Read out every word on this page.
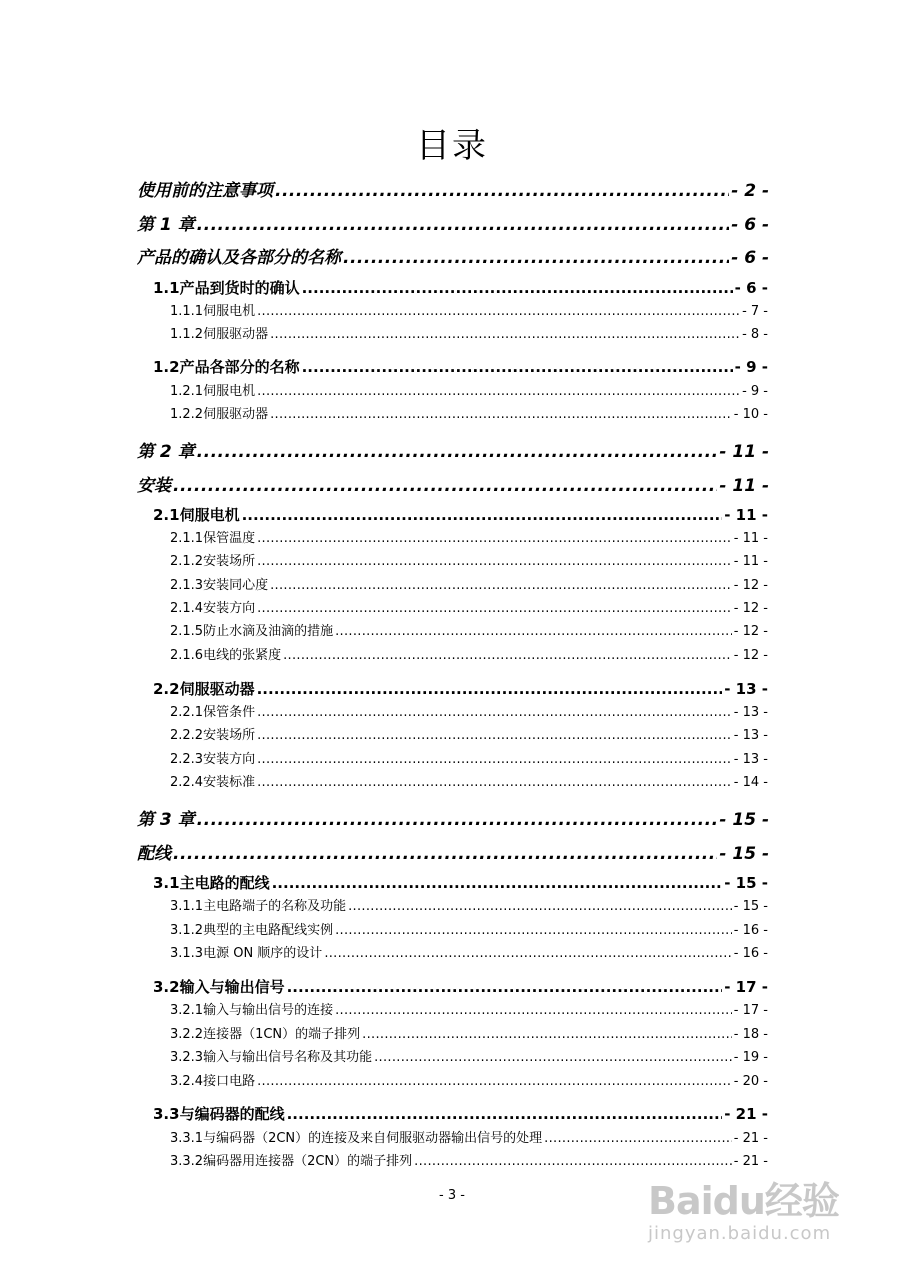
目录
使用前的注意事项 .....	- 2 -
第 1 章 .....	- 6 -
产品的确认及各部分的名称 .....	- 6 -
1.1 产品到货时的确认 .....	- 6 -
1.1.1 伺服电机 .....	- 7 -
1.1.2 伺服驱动器 .....	- 8 -
1.2 产品各部分的名称 .....	- 9 -
1.2.1 伺服电机 .....	- 9 -
1.2.2 伺服驱动器 .....	- 10 -
第 2 章 .....	- 11 -
安装 .....	- 11 -
2.1 伺服电机 .....	- 11 -
2.1.1 保管温度 .....	- 11 -
2.1.2 安装场所 .....	- 11 -
2.1.3 安装同心度 .....	- 12 -
2.1.4 安装方向 .....	- 12 -
2.1.5 防止水滴及油滴的措施 .....	- 12 -
2.1.6 电线的张紧度 .....	- 12 -
2.2 伺服驱动器 .....	- 13 -
2.2.1 保管条件 .....	- 13 -
2.2.2 安装场所 .....	- 13 -
2.2.3 安装方向 .....	- 13 -
2.2.4 安装标准 .....	- 14 -
第 3 章 .....	- 15 -
配线 .....	- 15 -
3.1 主电路的配线 .....	- 15 -
3.1.1 主电路端子的名称及功能 .....	- 15 -
3.1.2 典型的主电路配线实例 .....	- 16 -
3.1.3 电源 ON 顺序的设计 .....	- 16 -
3.2 输入与输出信号 .....	- 17 -
3.2.1 输入与输出信号的连接 .....	- 17 -
3.2.2 连接器（1CN）的端子排列 .....	- 18 -
3.2.3 输入与输出信号名称及其功能 .....	- 19 -
3.2.4 接口电路 .....	- 20 -
3.3 与编码器的配线 .....	- 21 -
3.3.1 与编码器（2CN）的连接及来自伺服驱动器输出信号的处理 .....	- 21 -
3.3.2 编码器用连接器（2CN）的端子排列 .....	- 21 -
- 3 -	Baidu经验
jingyan.baidu.com
